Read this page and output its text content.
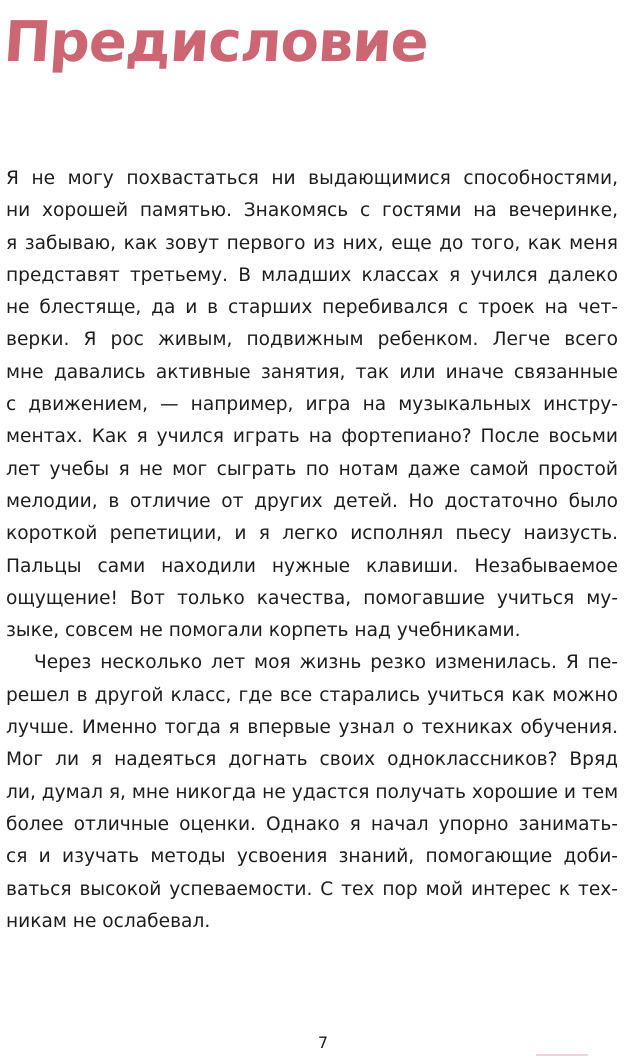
Предисловие

Я не могу похвастаться ни выдающимися способностями,
ни хорошей памятью. Знакомясь с гостями на вечеринке,
я забываю, как зовут первого из них, еще до того, как меня
представят третьему. В младших классах я учился далеко
не блестяще, да и в старших перебивался с троек на чет-
верки. Я рос живым, подвижным ребенком. Легче всего
мне давались активные занятия, так или иначе связанные
с движением, — например, игра на музыкальных инстру-
ментах. Как я учился играть на фортепиано? После восьми
лет учебы я не мог сыграть по нотам даже самой простой
мелодии, в отличие от других детей. Но достаточно было
короткой репетиции, и я легко исполнял пьесу наизусть.
Пальцы сами находили нужные клавиши. Незабываемое
ощущение! Вот только качества, помогавшие учиться му-
зыке, совсем не помогали корпеть над учебниками.

Через несколько лет моя жизнь резко изменилась. Я пе-
решел в другой класс, где все старались учиться как можно
лучше. Именно тогда я впервые узнал о техниках обучения.
Мог ли я надеяться догнать своих одноклассников? Вряд
ли, думал я, мне никогда не удастся получать хорошие и тем
более отличные оценки. Однако я начал упорно занимать-
ся и изучать методы усвоения знаний, помогающие доби-
ваться высокой успеваемости. С тех пор мой интерес к тех-
никам не ослабевал.

7
